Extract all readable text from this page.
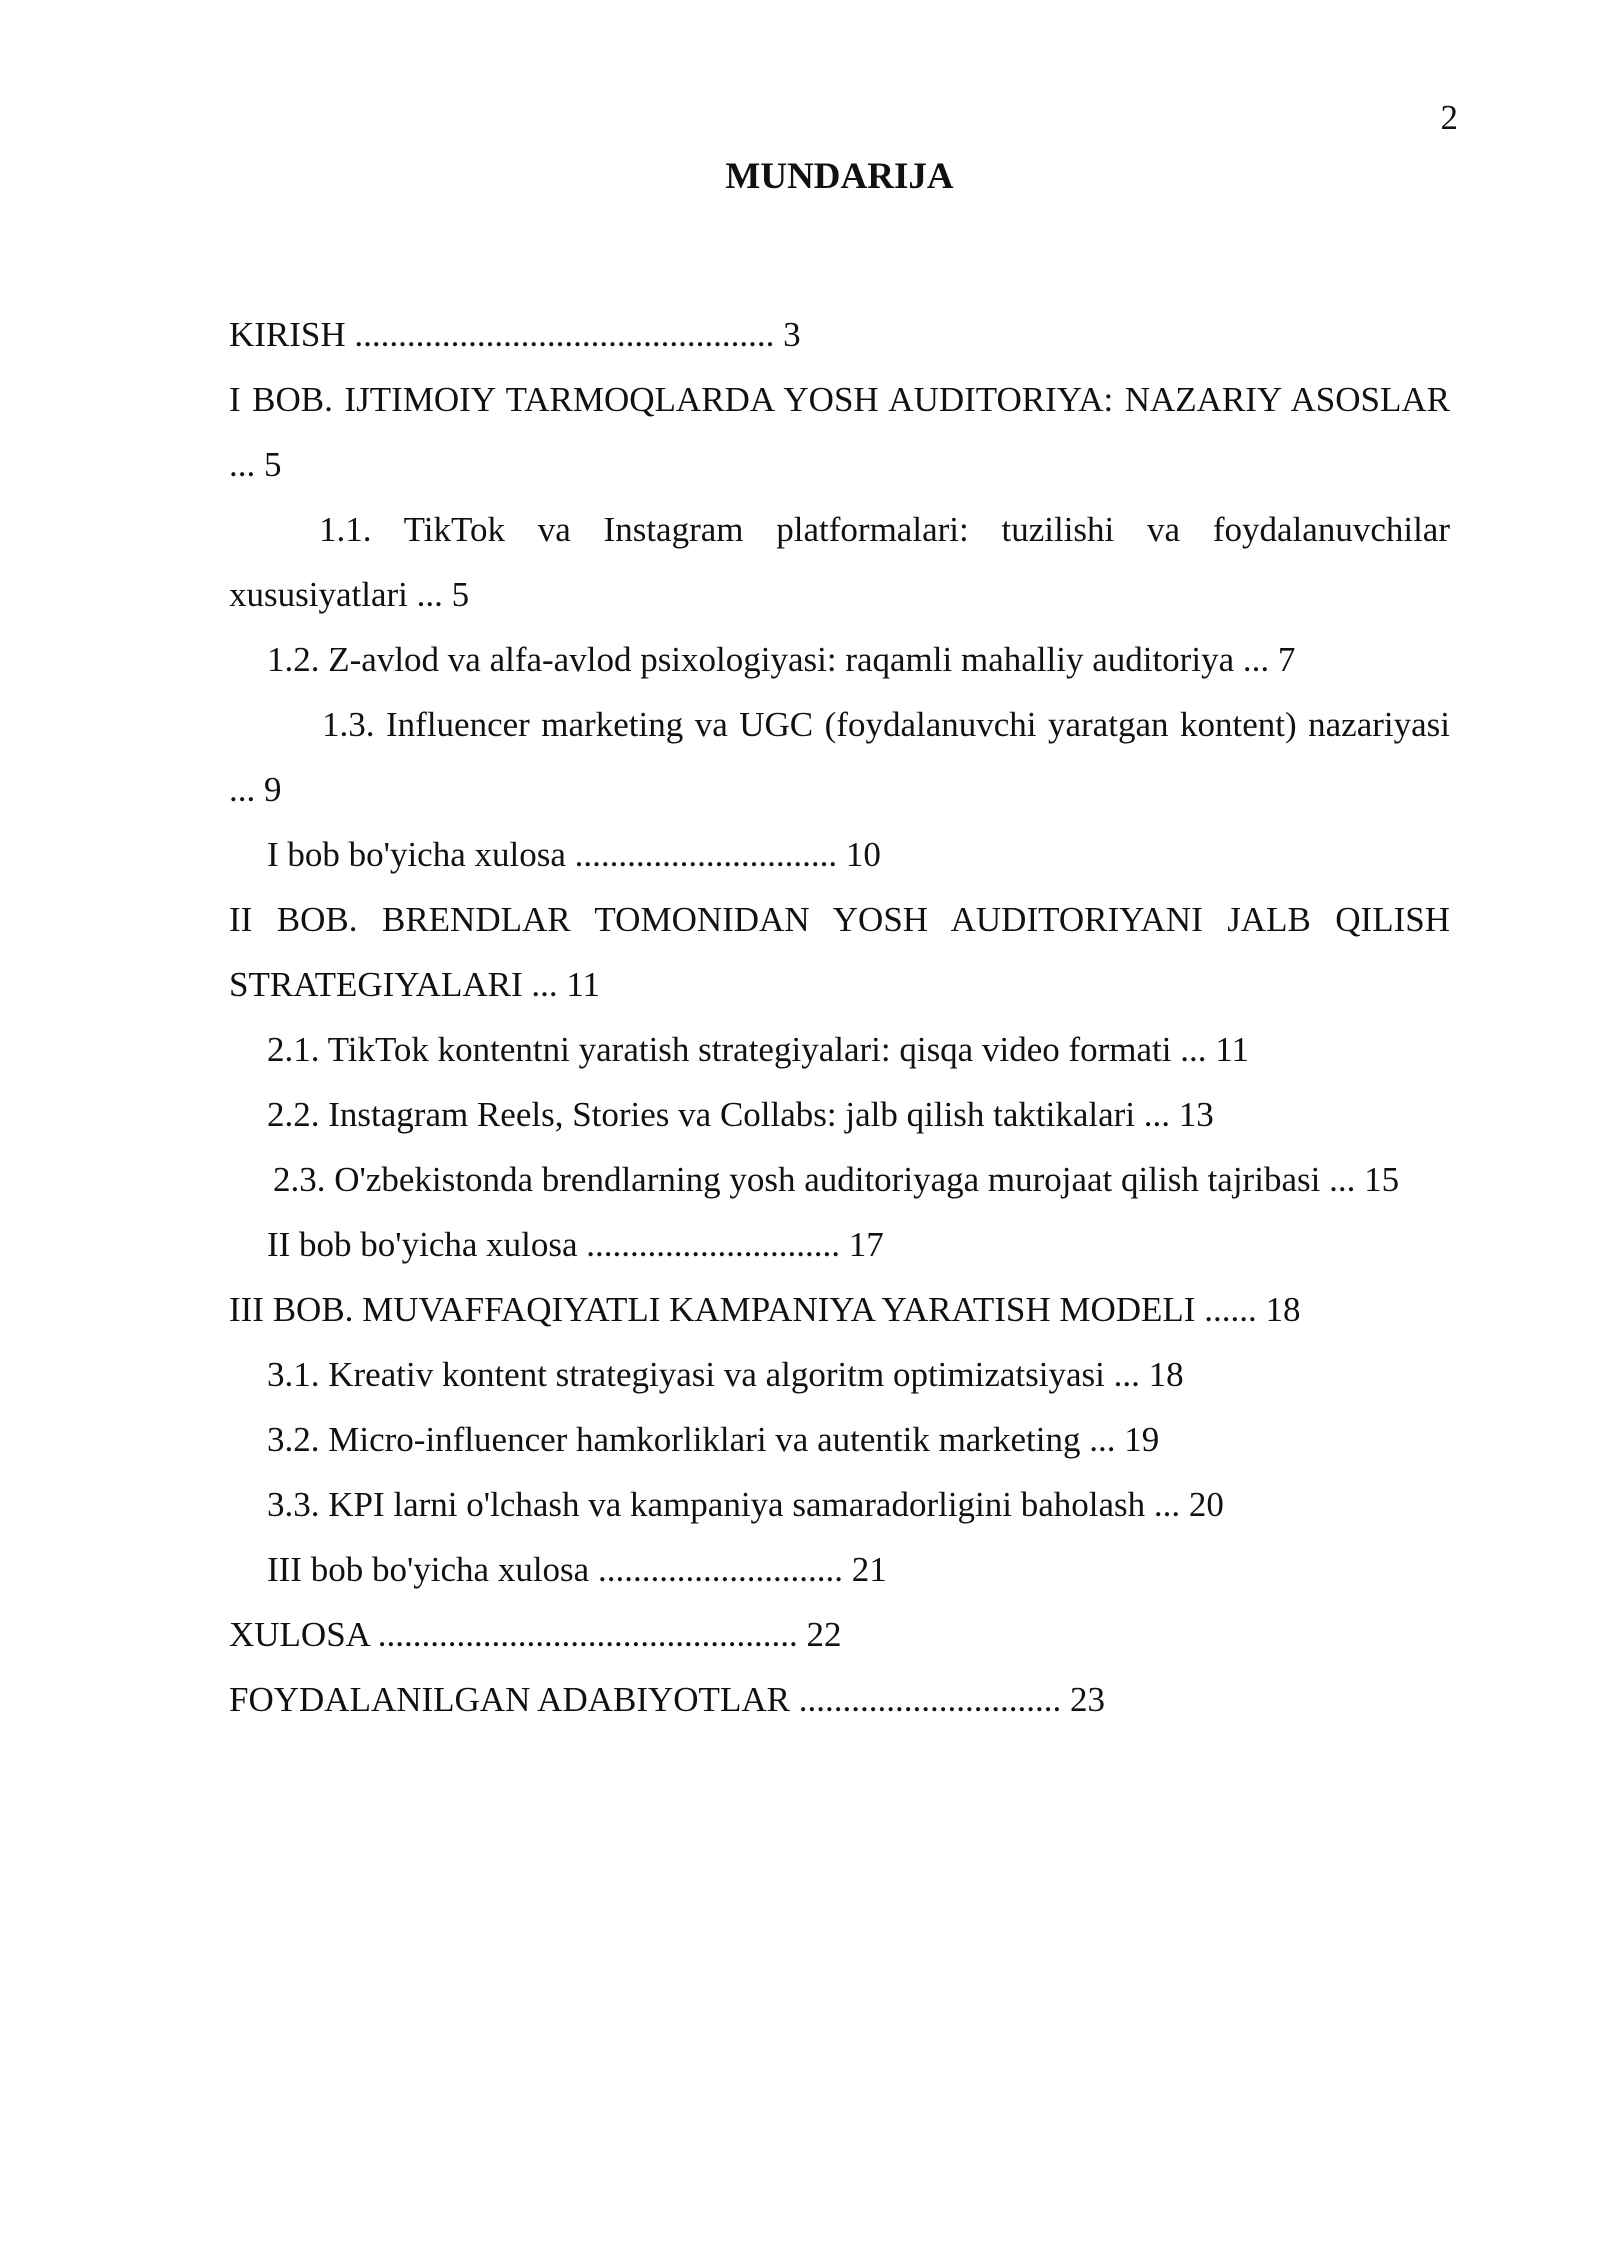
2
MUNDARIJA

KIRISH ................................................ 3

I BOB. IJTIMOIY TARMOQLARDA YOSH AUDITORIYA: NAZARIY ASOSLAR ... 5

1.1. TikTok va Instagram platformalari: tuzilishi va foydalanuvchilar xususiyatlari ... 5

1.2. Z-avlod va alfa-avlod psixologiyasi: raqamli mahalliy auditoriya ... 7

1.3. Influencer marketing va UGC (foydalanuvchi yaratgan kontent) nazariyasi ... 9

I bob bo'yicha xulosa .............................. 10

II BOB. BRENDLAR TOMONIDAN YOSH AUDITORIYANI JALB QILISH STRATEGIYALARI ... 11

2.1. TikTok kontentni yaratish strategiyalari: qisqa video formati ... 11

2.2. Instagram Reels, Stories va Collabs: jalb qilish taktikalari ... 13

2.3. O'zbekistonda brendlarning yosh auditoriyaga murojaat qilish tajribasi ... 15

II bob bo'yicha xulosa ............................. 17

III BOB. MUVAFFAQIYATLI KAMPANIYA YARATISH MODELI ...... 18

3.1. Kreativ kontent strategiyasi va algoritm optimizatsiyasi ... 18

3.2. Micro-influencer hamkorliklari va autentik marketing ... 19

3.3. KPI larni o'lchash va kampaniya samaradorligini baholash ... 20

III bob bo'yicha xulosa ............................ 21

XULOSA ................................................ 22

FOYDALANILGAN ADABIYOTLAR .............................. 23
